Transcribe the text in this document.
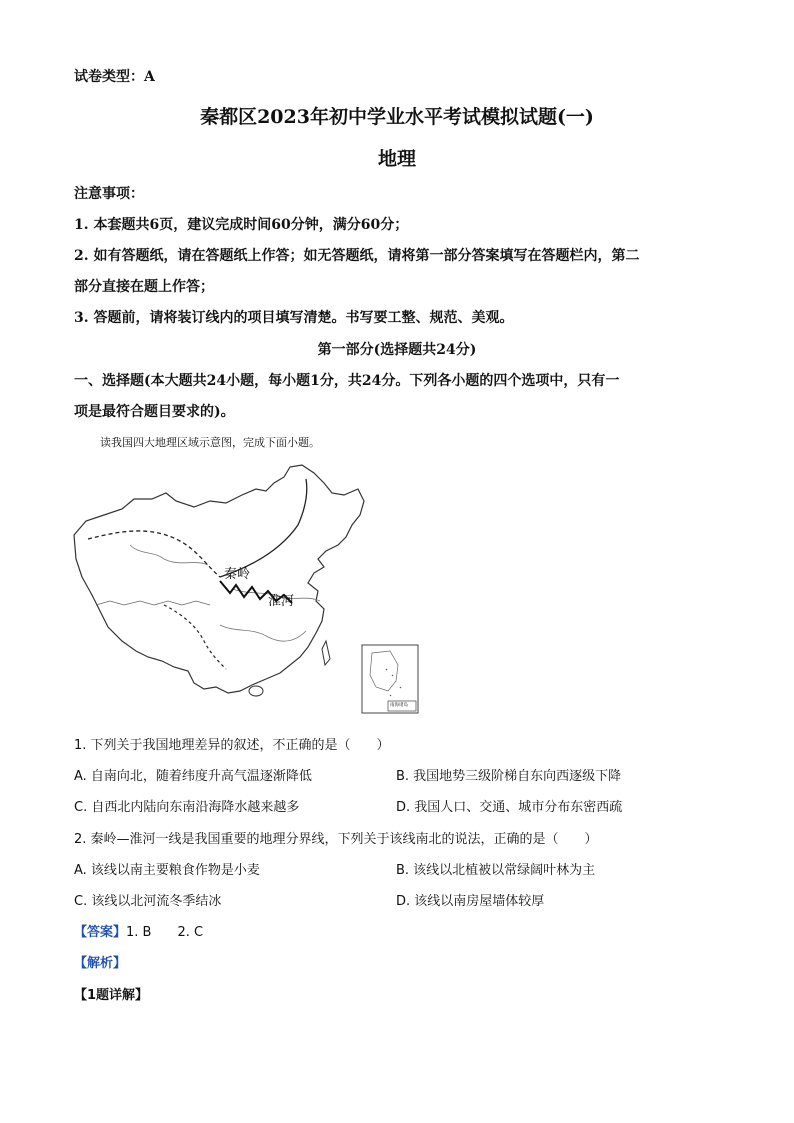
试卷类型：A
秦都区2023年初中学业水平考试模拟试题(一)
地理
注意事项：
1. 本套题共6页，建议完成时间60分钟，满分60分；
2. 如有答题纸，请在答题纸上作答；如无答题纸，请将第一部分答案填写在答题栏内，第二
部分直接在题上作答；
3. 答题前，请将装订线内的项目填写清楚。书写要工整、规范、美观。
第一部分(选择题共24分)
一、选择题(本大题共24小题，每小题1分，共24分。下列各小题的四个选项中，只有一
项是最符合题目要求的)。
读我国四大地理区域示意图，完成下面小题。
秦岭
淮河
南海诸岛
1. 下列关于我国地理差异的叙述，不正确的是（　　）
A. 自南向北，随着纬度升高气温逐渐降低	B. 我国地势三级阶梯自东向西逐级下降
C. 自西北内陆向东南沿海降水越来越多	D. 我国人口、交通、城市分布东密西疏
2. 秦岭—淮河一线是我国重要的地理分界线，下列关于该线南北的说法，正确的是（　　）
A. 该线以南主要粮食作物是小麦	B. 该线以北植被以常绿阔叶林为主
C. 该线以北河流冬季结冰	D. 该线以南房屋墙体较厚
【答案】1. B　　2. C
【解析】
【1题详解】
